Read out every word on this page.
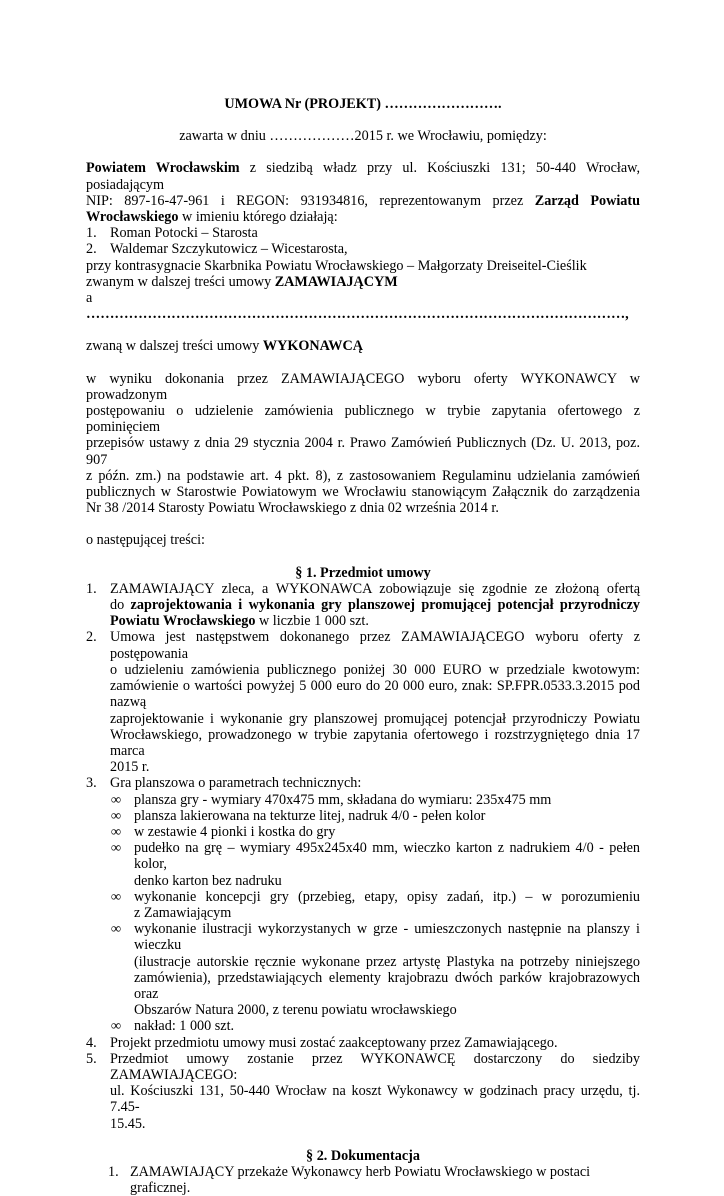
UMOWA Nr (PROJEKT) …………………….

zawarta w dniu ………………2015 r. we Wrocławiu, pomiędzy:

Powiatem Wrocławskim z siedzibą władz przy ul. Kościuszki 131; 50-440 Wrocław, posiadającym

NIP: 897-16-47-961 i REGON: 931934816, reprezentowanym przez Zarząd Powiatu

Wrocławskiego w imieniu którego działają:

1. Roman Potocki – Starosta

2. Waldemar Szczykutowicz – Wicestarosta,

przy kontrasygnacie Skarbnika Powiatu Wrocławskiego – Małgorzaty Dreiseitel-Cieślik

zwanym w dalszej treści umowy ZAMAWIAJĄCYM

a

……………………………………………………………………………………………………,

zwaną w dalszej treści umowy WYKONAWCĄ

w wyniku dokonania przez ZAMAWIAJĄCEGO wyboru oferty WYKONAWCY w prowadzonym

postępowaniu o udzielenie zamówienia publicznego w trybie zapytania ofertowego z pominięciem

przepisów ustawy z dnia 29 stycznia 2004 r. Prawo Zamówień Publicznych (Dz. U. 2013, poz. 907

z późn. zm.) na podstawie art. 4 pkt. 8), z zastosowaniem Regulaminu udzielania zamówień

publicznych w Starostwie Powiatowym we Wrocławiu stanowiącym Załącznik do zarządzenia

Nr 38 /2014 Starosty Powiatu Wrocławskiego z dnia 02 września 2014 r.

o następującej treści:

§ 1. Przedmiot umowy

1. ZAMAWIAJĄCY zleca, a WYKONAWCA zobowiązuje się zgodnie ze złożoną ofertą

do zaprojektowania i wykonania gry planszowej promującej potencjał przyrodniczy

Powiatu Wrocławskiego w liczbie 1 000 szt.

2. Umowa jest następstwem dokonanego przez ZAMAWIAJĄCEGO wyboru oferty z postępowania

o udzieleniu zamówienia publicznego poniżej 30 000 EURO w przedziale kwotowym:

zamówienie o wartości powyżej 5 000 euro do 20 000 euro, znak: SP.FPR.0533.3.2015 pod nazwą

zaprojektowanie i wykonanie gry planszowej promującej potencjał przyrodniczy Powiatu

Wrocławskiego, prowadzonego w trybie zapytania ofertowego i rozstrzygniętego dnia 17 marca

2015 r.

3. Gra planszowa o parametrach technicznych:

∞ plansza gry - wymiary 470x475 mm, składana do wymiaru: 235x475 mm

∞ plansza lakierowana na tekturze litej, nadruk 4/0 - pełen kolor

∞ w zestawie 4 pionki i kostka do gry

∞ pudełko na grę – wymiary 495x245x40 mm, wieczko karton z nadrukiem 4/0 - pełen kolor,

denko karton bez nadruku

∞ wykonanie koncepcji gry (przebieg, etapy, opisy zadań, itp.) – w porozumieniu

z Zamawiającym

∞ wykonanie ilustracji wykorzystanych w grze - umieszczonych następnie na planszy i wieczku

(ilustracje autorskie ręcznie wykonane przez artystę Plastyka na potrzeby niniejszego

zamówienia), przedstawiających elementy krajobrazu dwóch parków krajobrazowych oraz

Obszarów Natura 2000, z terenu powiatu wrocławskiego

∞ nakład: 1 000 szt.

4. Projekt przedmiotu umowy musi zostać zaakceptowany przez Zamawiającego.

5. Przedmiot umowy zostanie przez WYKONAWCĘ dostarczony do siedziby ZAMAWIAJĄCEGO:

ul. Kościuszki 131, 50-440 Wrocław na koszt Wykonawcy w godzinach pracy urzędu, tj. 7.45-

15.45.

§ 2. Dokumentacja

1. ZAMAWIAJĄCY przekaże Wykonawcy herb Powiatu Wrocławskiego w postaci graficznej.
